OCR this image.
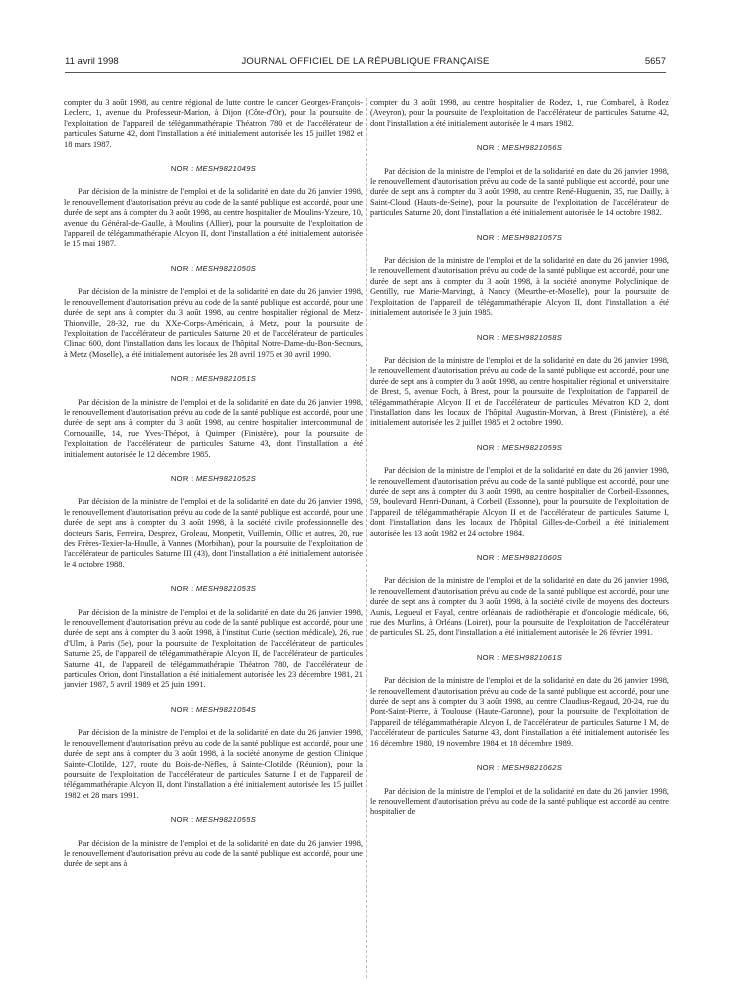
11 avril 1998	JOURNAL OFFICIEL DE LA RÉPUBLIQUE FRANÇAISE	5657

compter du 3 août 1998, au centre régional de lutte contre le cancer Georges-François-Leclerc, 1, avenue du Professeur-Marion, à Dijon (Côte-d'Or), pour la poursuite de l'exploitation de l'appareil de télégammathérapie Théatron 780 et de l'accélérateur de particules Saturne 42, dont l'installation a été initialement autorisée les 15 juillet 1982 et 18 mars 1987.

NOR : MESH9821049S

Par décision de la ministre de l'emploi et de la solidarité en date du 26 janvier 1998, le renouvellement d'autorisation prévu au code de la santé publique est accordé, pour une durée de sept ans à compter du 3 août 1998, au centre hospitalier de Moulins-Yzeure, 10, avenue du Général-de-Gaulle, à Moulins (Allier), pour la poursuite de l'exploitation de l'appareil de télégammathérapie Alcyon II, dont l'installation a été initialement autorisée le 15 mai 1987.

NOR : MESH9821050S

Par décision de la ministre de l'emploi et de la solidarité en date du 26 janvier 1998, le renouvellement d'autorisation prévu au code de la santé publique est accordé, pour une durée de sept ans à compter du 3 août 1998, au centre hospitalier régional de Metz-Thionville, 28-32, rue du XXe-Corps-Américain, à Metz, pour la poursuite de l'exploitation de l'accélérateur de particules Saturne 20 et de l'accélérateur de particules Clinac 600, dont l'installation dans les locaux de l'hôpital Notre-Dame-du-Bon-Secours, à Metz (Moselle), a été initialement autorisée les 28 avril 1975 et 30 avril 1990.

NOR : MESH9821051S

Par décision de la ministre de l'emploi et de la solidarité en date du 26 janvier 1998, le renouvellement d'autorisation prévu au code de la santé publique est accordé, pour une durée de sept ans à compter du 3 août 1998, au centre hospitalier intercommunal de Cornouaille, 14, rue Yves-Thépot, à Quimper (Finistère), pour la poursuite de l'exploitation de l'accélérateur de particules Saturne 43, dont l'installation a été initialement autorisée le 12 décembre 1985.

NOR : MESH9821052S

Par décision de la ministre de l'emploi et de la solidarité en date du 26 janvier 1998, le renouvellement d'autorisation prévu au code de la santé publique est accordé, pour une durée de sept ans à compter du 3 août 1998, à la société civile professionnelle des docteurs Saris, Ferreira, Desprez, Groleau, Monpetit, Vuillemin, Ollic et autres, 20, rue des Frères-Texier-la-Houlle, à Vannes (Morbihan), pour la poursuite de l'exploitation de l'accélérateur de particules Saturne III (43), dont l'installation a été initialement autorisée le 4 octobre 1988.

NOR : MESH9821053S

Par décision de la ministre de l'emploi et de la solidarité en date du 26 janvier 1998, le renouvellement d'autorisation prévu au code de la santé publique est accordé, pour une durée de sept ans à compter du 3 août 1998, à l'institut Curie (section médicale), 26, rue d'Ulm, à Paris (5e), pour la poursuite de l'exploitation de l'accélérateur de particules Saturne 25, de l'appareil de télégammathérapie Alcyon II, de l'accélérateur de particules Saturne 41, de l'appareil de télégammathérapie Théatron 780, de l'accélérateur de particules Orion, dont l'installation a été initialement autorisée les 23 décembre 1981, 21 janvier 1987, 5 avril 1989 et 25 juin 1991.

NOR : MESH9821054S

Par décision de la ministre de l'emploi et de la solidarité en date du 26 janvier 1998, le renouvellement d'autorisation prévu au code de la santé publique est accordé, pour une durée de sept ans à compter du 3 août 1998, à la société anonyme de gestion Clinique Sainte-Clotilde, 127, route du Bois-de-Nèfles, à Sainte-Clotilde (Réunion), pour la poursuite de l'exploitation de l'accélérateur de particules Saturne I et de l'appareil de télégammathérapie Alcyon II, dont l'installation a été initialement autorisée les 15 juillet 1982 et 28 mars 1991.

NOR : MESH9821055S

Par décision de la ministre de l'emploi et de la solidarité en date du 26 janvier 1998, le renouvellement d'autorisation prévu au code de la santé publique est accordé, pour une durée de sept ans à

compter du 3 août 1998, au centre hospitalier de Rodez, 1, rue Combarel, à Rodez (Aveyron), pour la poursuite de l'exploitation de l'accélérateur de particules Saturne 42, dont l'installation a été initialement autorisée le 4 mars 1982.

NOR : MESH9821056S

Par décision de la ministre de l'emploi et de la solidarité en date du 26 janvier 1998, le renouvellement d'autorisation prévu au code de la santé publique est accordé, pour une durée de sept ans à compter du 3 août 1998, au centre René-Huguenin, 35, rue Dailly, à Saint-Cloud (Hauts-de-Seine), pour la poursuite de l'exploitation de l'accélérateur de particules Saturne 20, dont l'installation a été initialement autorisée le 14 octobre 1982.

NOR : MESH9821057S

Par décision de la ministre de l'emploi et de la solidarité en date du 26 janvier 1998, le renouvellement d'autorisation prévu au code de la santé publique est accordé, pour une durée de sept ans à compter du 3 août 1998, à la société anonyme Polyclinique de Gentilly, rue Marie-Marvingt, à Nancy (Meurthe-et-Moselle), pour la poursuite de l'exploitation de l'appareil de télégammathérapie Alcyon II, dont l'installation a été initialement autorisée le 3 juin 1985.

NOR : MESH9821058S

Par décision de la ministre de l'emploi et de la solidarité en date du 26 janvier 1998, le renouvellement d'autorisation prévu au code de la santé publique est accordé, pour une durée de sept ans à compter du 3 août 1998, au centre hospitalier régional et universitaire de Brest, 5, avenue Foch, à Brest, pour la poursuite de l'exploitation de l'appareil de télégammathérapie Alcyon II et de l'accélérateur de particules Mévatron KD 2, dont l'installation dans les locaux de l'hôpital Augustin-Morvan, à Brest (Finistère), a été initialement autorisée les 2 juillet 1985 et 2 octobre 1990.

NOR : MESH9821059S

Par décision de la ministre de l'emploi et de la solidarité en date du 26 janvier 1998, le renouvellement d'autorisation prévu au code de la santé publique est accordé, pour une durée de sept ans à compter du 3 août 1998, au centre hospitalier de Corbeil-Essonnes, 59, boulevard Henri-Dunant, à Corbeil (Essonne), pour la poursuite de l'exploitation de l'appareil de télégammathérapie Alcyon II et de l'accélérateur de particules Saturne I, dont l'installation dans les locaux de l'hôpital Gilles-de-Corbeil a été initialement autorisée les 13 août 1982 et 24 octobre 1984.

NOR : MESH9821060S

Par décision de la ministre de l'emploi et de la solidarité en date du 26 janvier 1998, le renouvellement d'autorisation prévu au code de la santé publique est accordé, pour une durée de sept ans à compter du 3 août 1998, à la société civile de moyens des docteurs Aunis, Legueul et Fayal, centre orléanais de radiothérapie et d'oncologie médicale, 66, rue des Murlins, à Orléans (Loiret), pour la poursuite de l'exploitation de l'accélérateur de particules SL 25, dont l'installation a été initialement autorisée le 26 février 1991.

NOR : MESH9821061S

Par décision de la ministre de l'emploi et de la solidarité en date du 26 janvier 1998, le renouvellement d'autorisation prévu au code de la santé publique est accordé, pour une durée de sept ans à compter du 3 août 1998, au centre Claudius-Regaud, 20-24, rue du Pont-Saint-Pierre, à Toulouse (Haute-Garonne), pour la poursuite de l'exploitation de l'appareil de télégammathérapie Alcyon I, de l'accélérateur de particules Saturne I M, de l'accélérateur de particules Saturne 43, dont l'installation a été initialement autorisée les 16 décembre 1980, 19 novembre 1984 et 18 décembre 1989.

NOR : MESH9821062S

Par décision de la ministre de l'emploi et de la solidarité en date du 26 janvier 1998, le renouvellement d'autorisation prévu au code de la santé publique est accordé au centre hospitalier de
